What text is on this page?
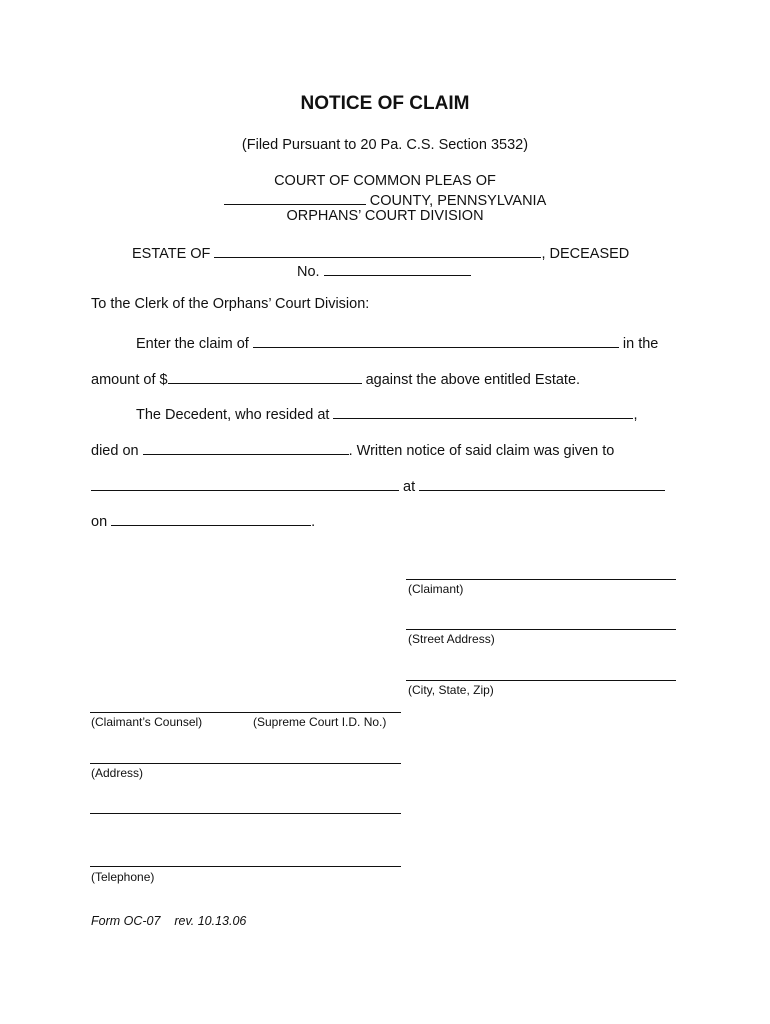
NOTICE OF CLAIM
(Filed Pursuant to 20 Pa. C.S. Section 3532)
COURT OF COMMON PLEAS OF
COUNTY, PENNSYLVANIA
ORPHANS’ COURT DIVISION
ESTATE OF	, DECEASED
No.
To the Clerk of the Orphans’ Court Division:
Enter the claim of	in the
amount of $	against the above entitled Estate.
The Decedent, who resided at	,
died on	. Written notice of said claim was given to
at
on	.
(Claimant)
(Street Address)
(City, State, Zip)
(Claimant’s Counsel)	(Supreme Court I.D. No.)
(Address)
(Telephone)
Form OC-07    rev. 10.13.06
